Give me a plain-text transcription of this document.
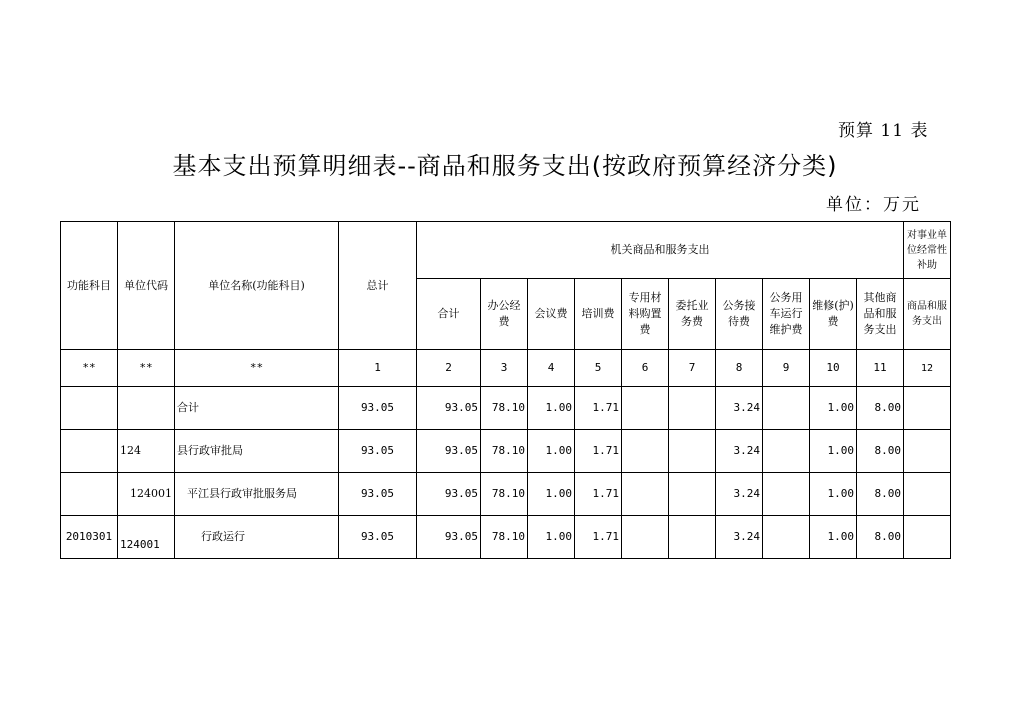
预算 11 表
基本支出预算明细表--商品和服务支出(按政府预算经济分类)
单位：万元
功能科目	单位代码	单位名称(功能科目)	总计	机关商品和服务支出										对事业单位经常性补助
				合计	办公经费	会议费	培训费	专用材料购置费	委托业务费	公务接待费	公务用车运行维护费	维修(护)费	其他商品和服务支出	商品和服务支出
**	**	**	1	2	3	4	5	6	7	8	9	10	11	12
		合计	93.05	93.05	78.10	1.00	1.71			3.24		1.00	8.00	
	124	县行政审批局	93.05	93.05	78.10	1.00	1.71			3.24		1.00	8.00	
	124001	平江县行政审批服务局	93.05	93.05	78.10	1.00	1.71			3.24		1.00	8.00	
2010301	124001	行政运行	93.05	93.05	78.10	1.00	1.71			3.24		1.00	8.00	
